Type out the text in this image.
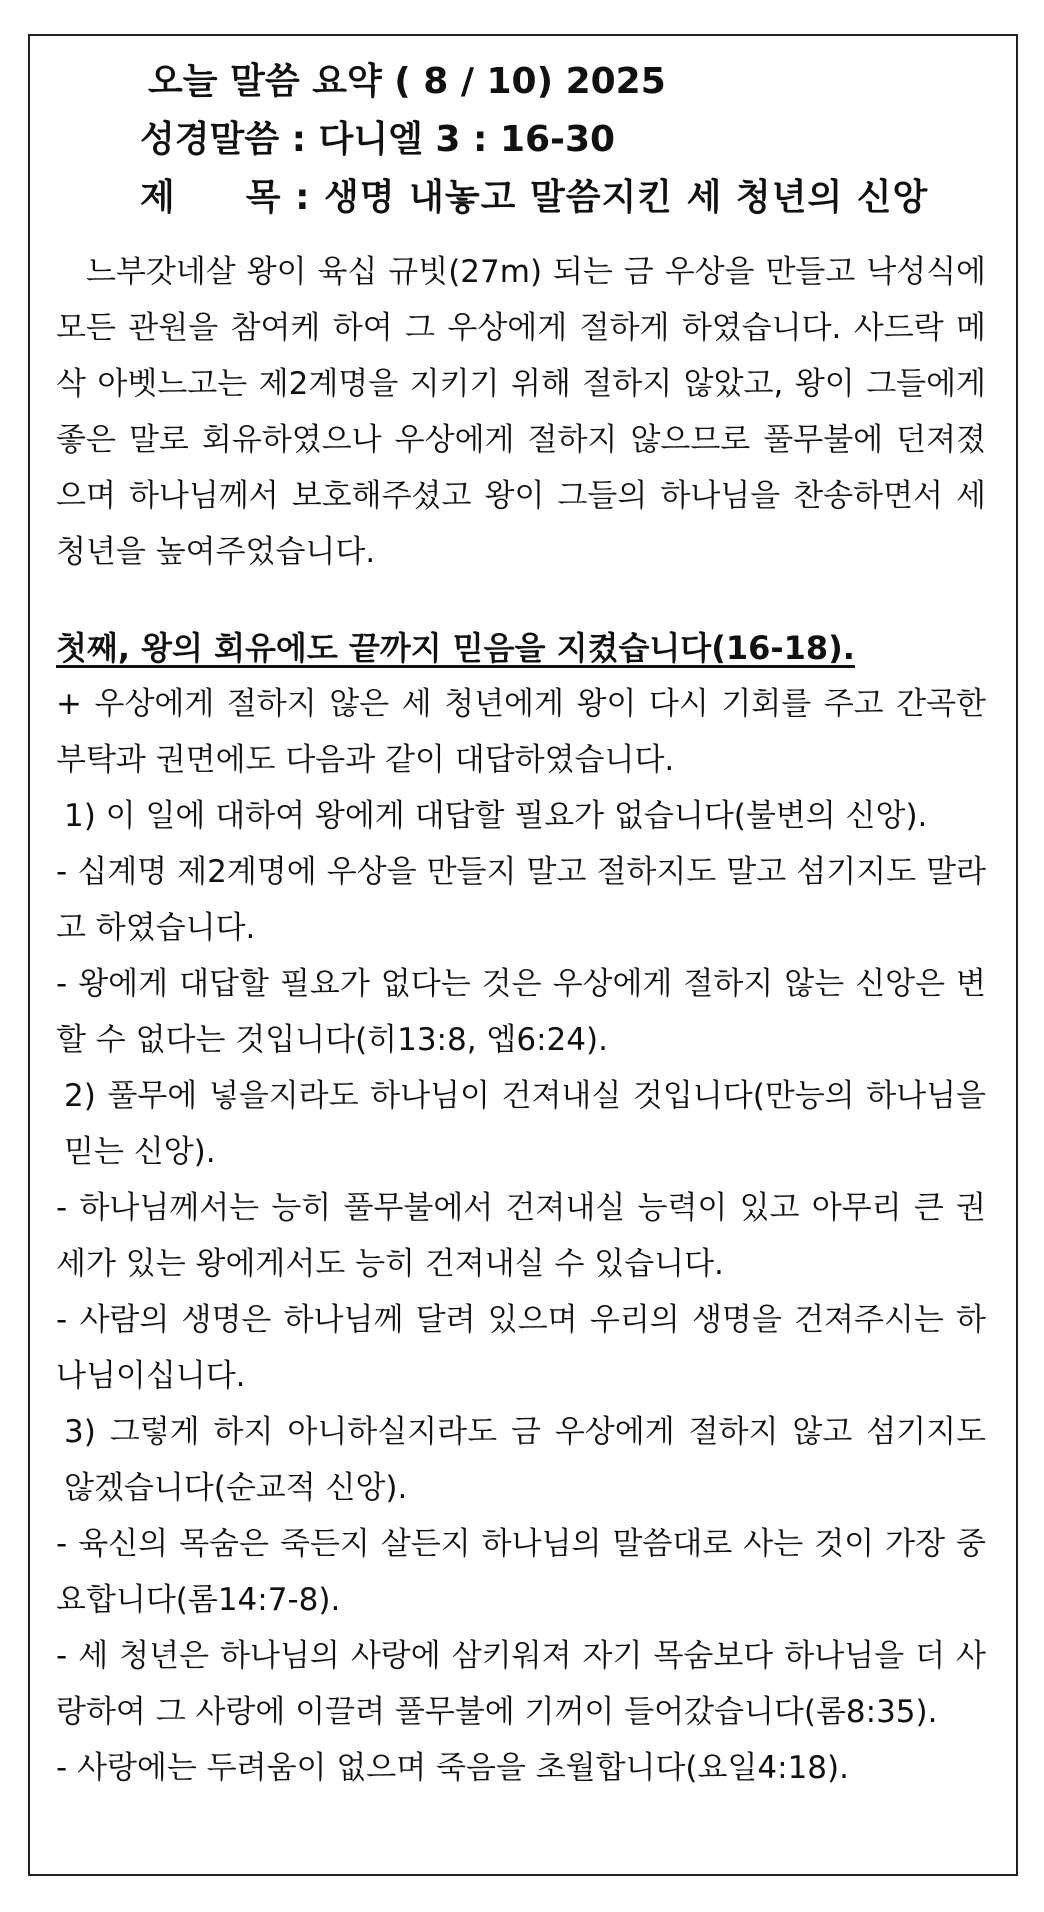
오늘 말씀 요약 ( 8 / 10) 2025
성경말씀 : 다니엘 3 : 16-30
제 목 : 생명 내놓고 말씀지킨 세 청년의 신앙
느부갓네살 왕이 육십 규빗(27m) 되는 금 우상을 만들고 낙성식에 모든 관원을 참여케 하여 그 우상에게 절하게 하였습니다. 사드락 메삭 아벳느고는 제2계명을 지키기 위해 절하지 않았고, 왕이 그들에게 좋은 말로 회유하였으나 우상에게 절하지 않으므로 풀무불에 던져졌으며 하나님께서 보호해주셨고 왕이 그들의 하나님을 찬송하면서 세 청년을 높여주었습니다.
첫째, 왕의 회유에도 끝까지 믿음을 지켰습니다(16-18).

+ 우상에게 절하지 않은 세 청년에게 왕이 다시 기회를 주고 간곡한 부탁과 권면에도 다음과 같이 대답하였습니다.

1) 이 일에 대하여 왕에게 대답할 필요가 없습니다(불변의 신앙).

- 십계명 제2계명에 우상을 만들지 말고 절하지도 말고 섬기지도 말라고 하였습니다.

- 왕에게 대답할 필요가 없다는 것은 우상에게 절하지 않는 신앙은 변할 수 없다는 것입니다(히13:8, 엡6:24).

2) 풀무에 넣을지라도 하나님이 건져내실 것입니다(만능의 하나님을 믿는 신앙).

- 하나님께서는 능히 풀무불에서 건져내실 능력이 있고 아무리 큰 권세가 있는 왕에게서도 능히 건져내실 수 있습니다.

- 사람의 생명은 하나님께 달려 있으며 우리의 생명을 건져주시는 하나님이십니다.

3) 그렇게 하지 아니하실지라도 금 우상에게 절하지 않고 섬기지도 않겠습니다(순교적 신앙).

- 육신의 목숨은 죽든지 살든지 하나님의 말씀대로 사는 것이 가장 중요합니다(롬14:7-8).

- 세 청년은 하나님의 사랑에 삼키워져 자기 목숨보다 하나님을 더 사랑하여 그 사랑에 이끌려 풀무불에 기꺼이 들어갔습니다(롬8:35).

- 사랑에는 두려움이 없으며 죽음을 초월합니다(요일4:18).
